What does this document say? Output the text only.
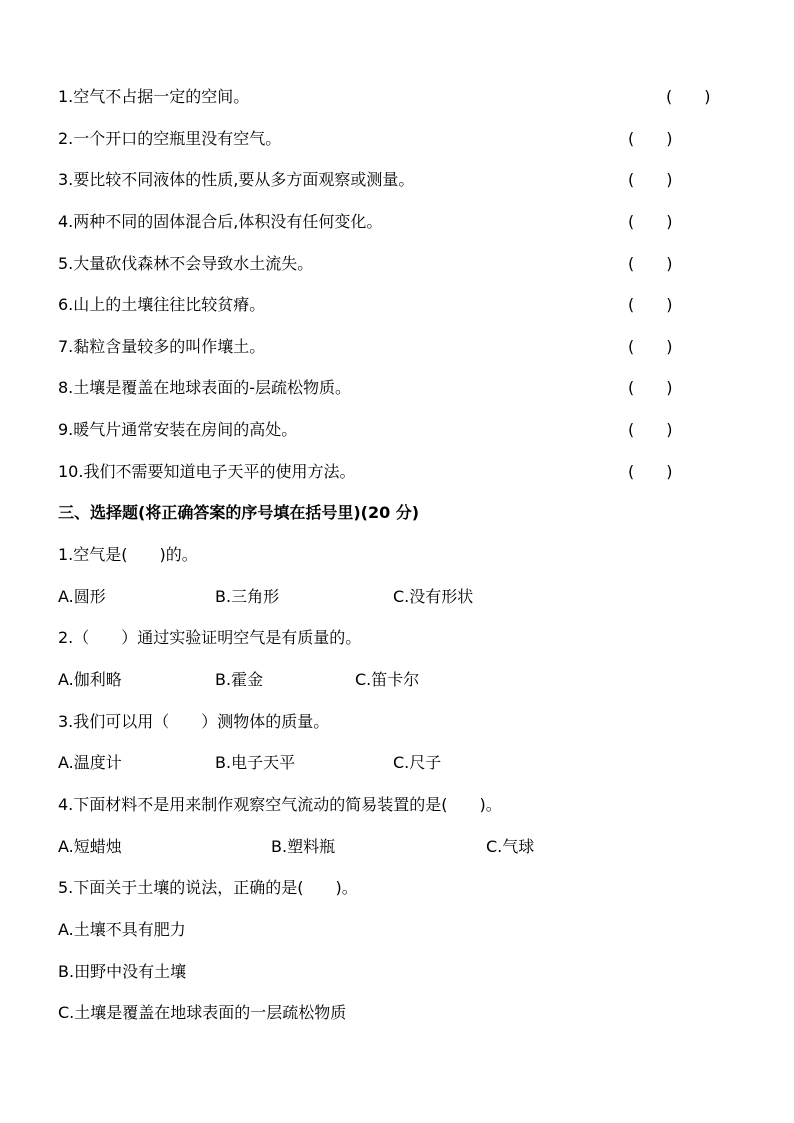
1.空气不占据一定的空间。	(　　)
2.一个开口的空瓶里没有空气。	(　　)
3.要比较不同液体的性质,要从多方面观察或测量。	(　　)
4.两种不同的固体混合后,体积没有任何变化。	(　　)
5.大量砍伐森林不会导致水土流失。	(　　)
6.山上的土壤往往比较贫瘠。	(　　)
7.黏粒含量较多的叫作壤土。	(　　)
8.土壤是覆盖在地球表面的-层疏松物质。	(　　)
9.暖气片通常安装在房间的高处。	(　　)
10.我们不需要知道电子天平的使用方法。	(　　)
三、选择题(将正确答案的序号填在括号里)(20 分)
1.空气是(　　)的。
A.圆形	B.三角形	C.没有形状
2.（　　）通过实验证明空气是有质量的。
A.伽利略	B.霍金	C.笛卡尔
3.我们可以用（　　）测物体的质量。
A.温度计	B.电子天平	C.尺子
4.下面材料不是用来制作观察空气流动的简易装置的是(　　)。
A.短蜡烛	B.塑料瓶	C.气球
5.下面关于土壤的说法，正确的是(　　)。
A.土壤不具有肥力
B.田野中没有土壤
C.土壤是覆盖在地球表面的一层疏松物质
